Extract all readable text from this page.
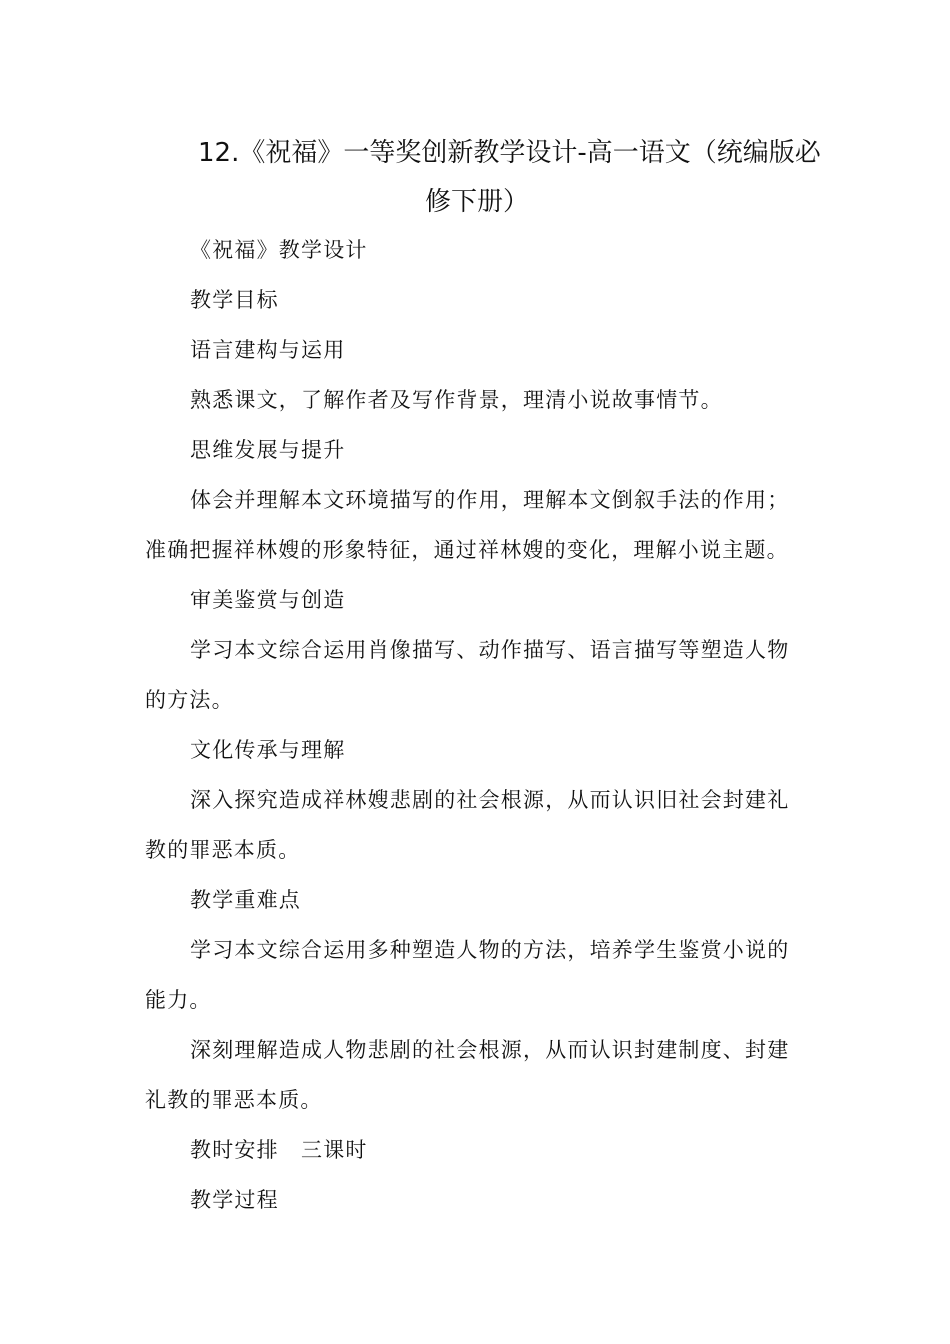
12.《祝福》一等奖创新教学设计-高一语文（统编版必
修下册）
《祝福》教学设计
教学目标
语言建构与运用
熟悉课文，了解作者及写作背景，理清小说故事情节。
思维发展与提升
体会并理解本文环境描写的作用，理解本文倒叙手法的作用；
准确把握祥林嫂的形象特征，通过祥林嫂的变化，理解小说主题。
审美鉴赏与创造
学习本文综合运用肖像描写、动作描写、语言描写等塑造人物
的方法。
文化传承与理解
深入探究造成祥林嫂悲剧的社会根源，从而认识旧社会封建礼
教的罪恶本质。
教学重难点
学习本文综合运用多种塑造人物的方法，培养学生鉴赏小说的
能力。
深刻理解造成人物悲剧的社会根源，从而认识封建制度、封建
礼教的罪恶本质。
教时安排　三课时
教学过程
